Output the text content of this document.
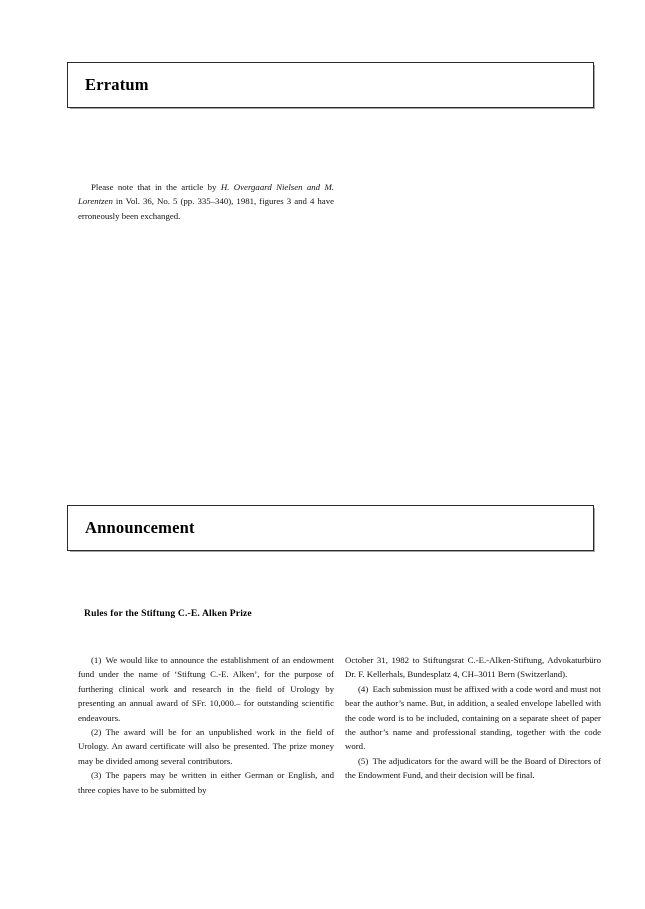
Erratum

Please note that in the article by H. Overgaard Nielsen and M. Lorentzen in Vol. 36, No. 5 (pp. 335–340), 1981, figures 3 and 4 have erroneously been exchanged.

Announcement
Rules for the Stiftung C.-E. Alken Prize

(1) We would like to announce the establishment of an endowment fund under the name of ‘Stiftung C.-E. Alken’, for the purpose of furthering clinical work and research in the field of Urology by presenting an annual award of SFr. 10,000.– for outstanding scientific endeavours.

(2) The award will be for an unpublished work in the field of Urology. An award certificate will also be presented. The prize money may be divided among several contributors.

(3) The papers may be written in either German or English, and three copies have to be submitted by

October 31, 1982 to Stiftungsrat C.-E.-Alken-Stiftung, Advokaturbüro Dr. F. Kellerhals, Bundesplatz 4, CH–3011 Bern (Switzerland).

(4) Each submission must be affixed with a code word and must not bear the author’s name. But, in addition, a sealed envelope labelled with the code word is to be included, containing on a separate sheet of paper the author’s name and professional standing, together with the code word.

(5) The adjudicators for the award will be the Board of Directors of the Endowment Fund, and their decision will be final.
